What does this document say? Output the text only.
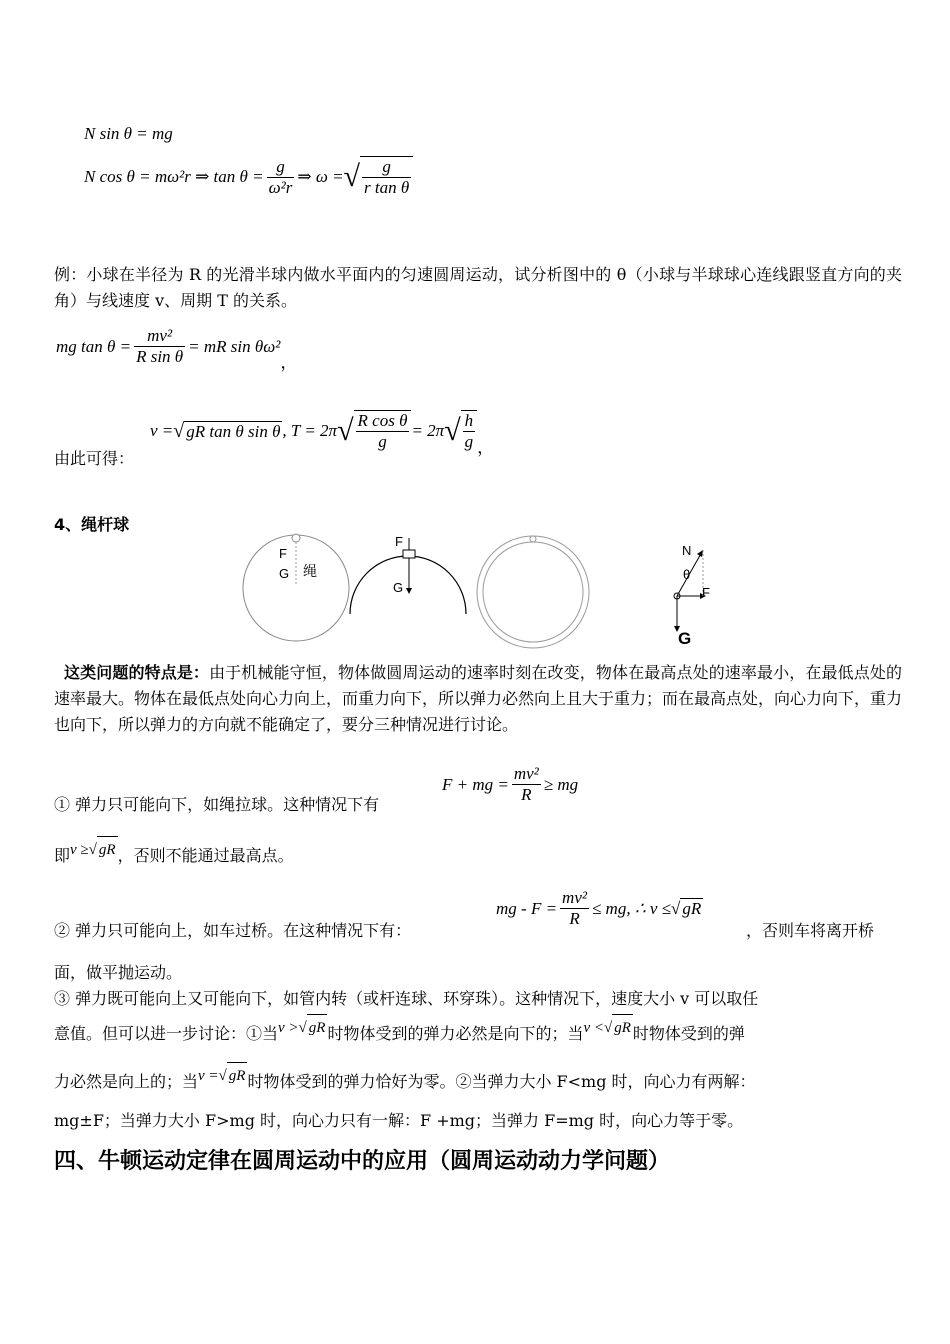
N sin θ = mg
N cos θ = mω²r ⇒ $\tan \theta = \frac{g}{\text{ω²r}}$ ⇒ ω = √ $\frac{g}{\text{r tan θ}}$
例：小球在半径为 R 的光滑半球内做水平面内的匀速圆周运动，试分析图中的 θ（小球与半球球心连线跟竖直方向的夹角）与线速度 v、周期 T 的关系。
mg $\tan \theta = \frac{\text{mv²}}{\text{R sin θ}}$ = mR sin θω²
，
由此可得：
v = √ gR tan θ sin θ , T = 2π √ $\frac{\text{R cos θ}}{g} = 2\pi$ √ $\frac{h}{g}$ ，
4、绳杆球
F
G 绳
F
G
N
θ
F
G
这类问题的特点是：由于机械能守恒，物体做圆周运动的速率时刻在改变，物体在最高点处的速率最小，在最低点处的速率最大。物体在最低点处向心力向上，而重力向下，所以弹力必然向上且大于重力；而在最高点处，向心力向下，重力也向下，所以弹力的方向就不能确定了，要分三种情况进行讨论。
① 弹力只可能向下，如绳拉球。这种情况下有
F + mg = $\frac{\text{mv²}}{R}$ ≥ mg
即 v ≥ √ gR ，否则不能通过最高点。
② 弹力只可能向上，如车过桥。在这种情况下有：
mg - $F = \frac{\text{mv²}}{R}$ ≤ mg, ∴ v ≤ √ gR
，否则车将离开桥
面，做平抛运动。
③ 弹力既可能向上又可能向下，如管内转（或杆连球、环穿珠）。这种情况下，速度大小 v 可以取任
意值。但可以进一步讨论：①当 v > √ gR 时物体受到的弹力必然是向下的；当 v < √ gR 时物体受到的弹
力必然是向上的；当 v = √ gR 时物体受到的弹力恰好为零。②当弹力大小 F<mg 时，向心力有两解：
mg±F；当弹力大小 F>mg 时，向心力只有一解：F +mg；当弹力 F=mg 时，向心力等于零。
四、牛顿运动定律在圆周运动中的应用（圆周运动动力学问题）
